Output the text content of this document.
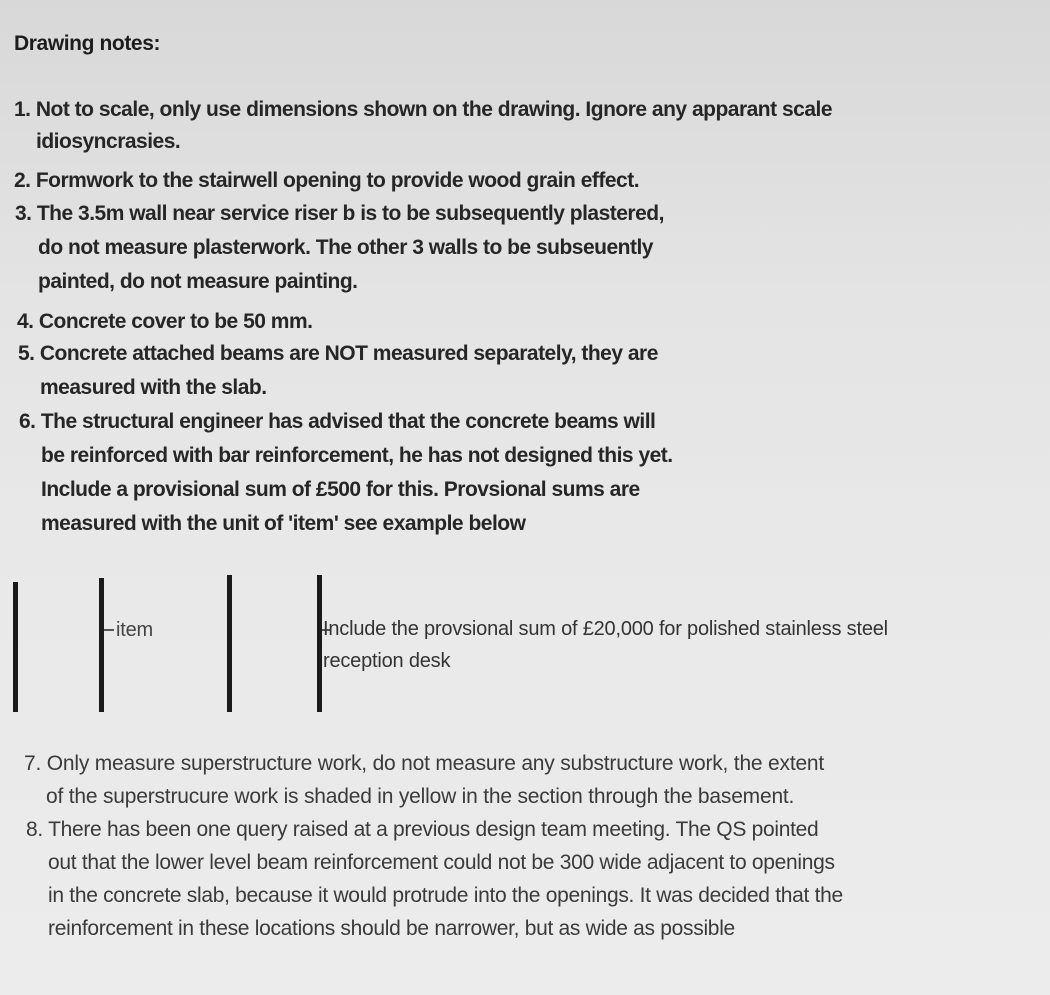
Drawing notes:
1. Not to scale, only use dimensions shown on the drawing. Ignore any apparant scale
idiosyncrasies.
2. Formwork to the stairwell opening to provide wood grain effect.
3. The 3.5m wall near service riser b is to be subsequently plastered,
do not measure plasterwork. The other 3 walls to be subseuently
painted, do not measure painting.
4. Concrete cover to be 50 mm.
5. Concrete attached beams are NOT measured separately, they are
measured with the slab.
6. The structural engineer has advised that the concrete beams will
be reinforced with bar reinforcement, he has not designed this yet.
Include a provisional sum of £500 for this. Provsional sums are
measured with the unit of 'item' see example below
item	Include the provsional sum of £20,000 for polished stainless steel
reception desk
7. Only measure superstructure work, do not measure any substructure work, the extent
of the superstrucure work is shaded in yellow in the section through the basement.
8. There has been one query raised at a previous design team meeting. The QS pointed
out that the lower level beam reinforcement could not be 300 wide adjacent to openings
in the concrete slab, because it would protrude into the openings. It was decided that the
reinforcement in these locations should be narrower, but as wide as possible
